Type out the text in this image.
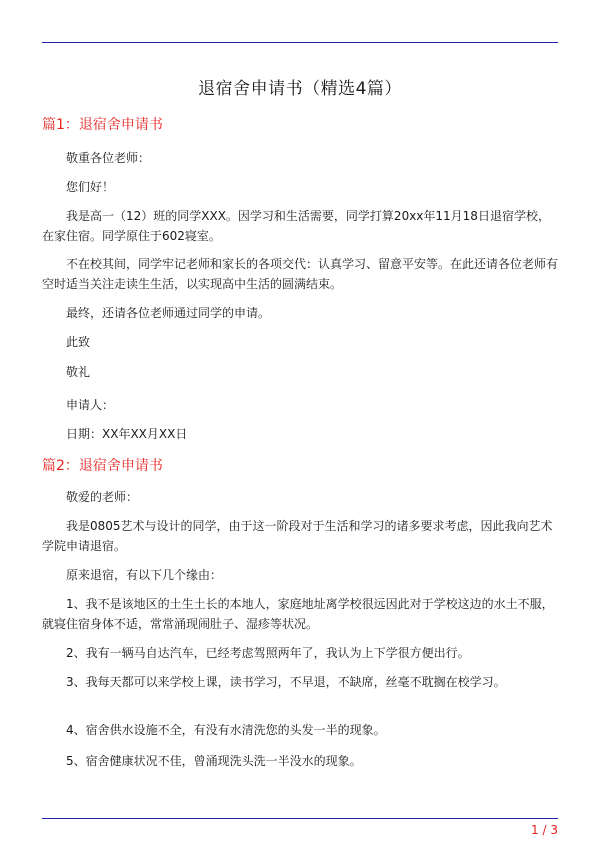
退宿舍申请书（精选4篇）
篇1：退宿舍申请书

敬重各位老师：

您们好！

我是高一（12）班的同学XXX。因学习和生活需要，同学打算20xx年11月18日退宿学校，在家住宿。同学原住于602寝室。

不在校其间，同学牢记老师和家长的各项交代：认真学习、留意平安等。在此还请各位老师有空时适当关注走读生生活，以实现高中生活的圆满结束。

最终，还请各位老师通过同学的申请。

此致

敬礼

申请人：

日期：XX年XX月XX日

篇2：退宿舍申请书

敬爱的老师：

我是0805艺术与设计的同学，由于这一阶段对于生活和学习的诸多要求考虑，因此我向艺术学院申请退宿。

原来退宿，有以下几个缘由：

1、我不是该地区的土生土长的本地人，家庭地址离学校很远因此对于学校这边的水土不服，就寝住宿身体不适，常常涌现闹肚子、湿疹等状况。

2、我有一辆马自达汽车，已经考虑驾照两年了，我认为上下学很方便出行。

3、我每天都可以来学校上课，读书学习，不早退，不缺席，丝毫不耽搁在校学习。

4、宿舍供水设施不全，有没有水清洗您的头发一半的现象。

5、宿舍健康状况不佳，曾涌现洗头洗一半没水的现象。

1 / 3
